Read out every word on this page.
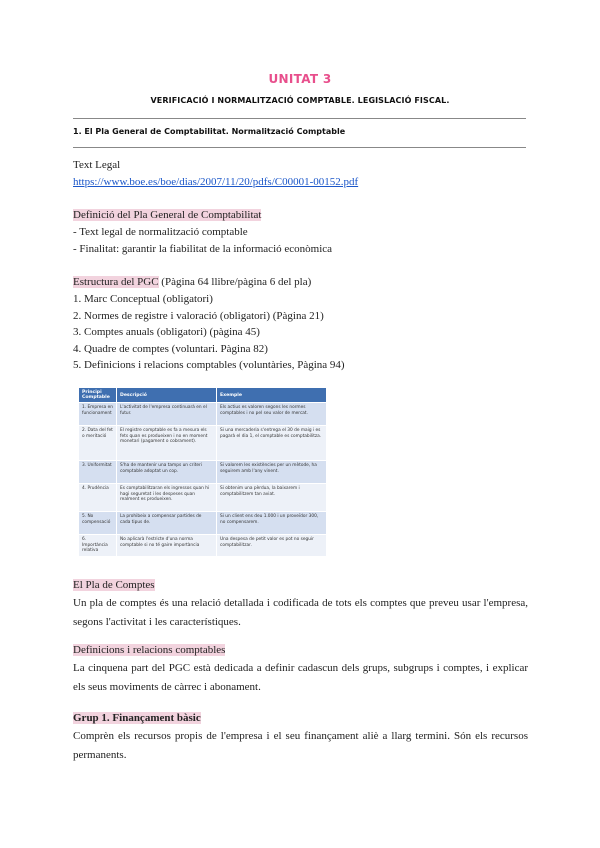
UNITAT 3
VERIFICACIÓ I NORMALITZACIÓ COMPTABLE. LEGISLACIÓ FISCAL.
1. El Pla General de Comptabilitat. Normalització Comptable
Text Legal
https://www.boe.es/boe/dias/2007/11/20/pdfs/C00001-00152.pdf
Definició del Pla General de Comptabilitat
- Text legal de normalització comptable
- Finalitat: garantir la fiabilitat de la informació econòmica
Estructura del PGC (Pàgina 64 llibre/pàgina 6 del pla)
1. Marc Conceptual (obligatori)
2. Normes de registre i valoració (obligatori) (Pàgina 21)
3. Comptes anuals (obligatori) (pàgina 45)
4. Quadre de comptes (voluntari. Pàgina 82)
5. Definicions i relacions comptables (voluntàries, Pàgina 94)
Principi Comptable	Descripció	Exemple
1. Empresa en funcionament	L'activitat de l'empresa continuarà en el futur.	Els actius es valoren segons les normes comptables i no pel seu valor de mercat.
2. Data del fet o meritació	El registre comptable es fa a mesura els fets quan es produeixen i no en moment monetari (pagament o cobrament).	Si una mercaderia s'entrega el 30 de maig i es pagarà el dia 1, el comptable es comptabilitza.
3. Uniformitat	S'ha de mantenir una tamps un criteri comptable adoptat un cop.	Si valorem les existències per un mètode, ha seguirem amb l'any vinent.
4. Prudència	Es comptabilitzaran els ingressos quan hi hagi seguretat i les despeses quan realment es produeixen.	Si obtenim una pèrdua, la baixarem i comptabilitzem tan aviat.
5. No compensació	La prohibeix a compensar partides de cada tipus de.	Si un client ens deu 1.000 i un proveïdor 300, no compensarem.
6. Importància relativa	No aplicarà l'estricte d'una norma comptable si no té gaire importància	Una despesa de petit valor es pot no seguir comptabilitzar.
El Pla de Comptes
Un pla de comptes és una relació detallada i codificada de tots els comptes que preveu usar l'empresa, segons l'activitat i les característiques.
Definicions i relacions comptables
La cinquena part del PGC està dedicada a definir cadascun dels grups, subgrups i comptes, i explicar els seus moviments de càrrec i abonament.
Grup 1. Finançament bàsic
Comprèn els recursos propis de l'empresa i el seu finançament aliè a llarg termini. Són els recursos permanents.
